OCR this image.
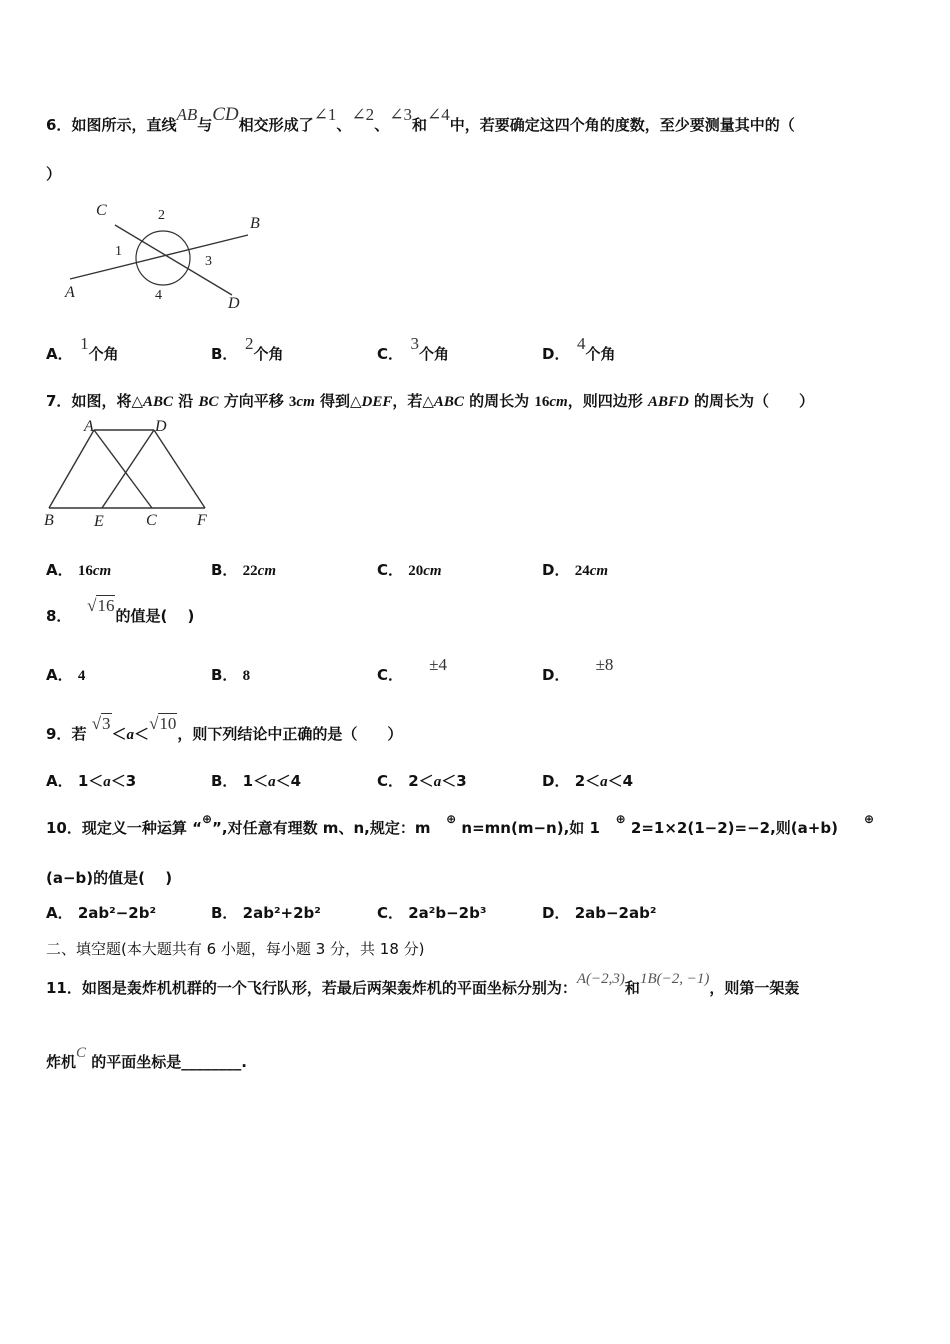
6．如图所示，直线AB与CD相交形成了∠1、∠2、∠3和∠4中，若要确定这四个角的度数，至少要测量其中的（
）
C	2	B
1
3
A	4	D
A．　1个角	B．　2个角	C．　3个角	D．　4个角
7．如图，将△ABC 沿 BC 方向平移 3cm 得到△DEF，若△ABC 的周长为 16cm，则四边形 ABFD 的周长为（　　）
A	D
B	E	C	F
A． 16cm	B． 22cm	C． 20cm	D． 24cm
8．   √16的值是(　 )
A． 4	B． 8	C．     ±4
D．     ±8
9．若 √3＜a＜√10，则下列结论中正确的是（　　）
A． 1＜a＜3	B． 1＜a＜4	C． 2＜a＜3	D． 2＜a＜4
10．现定义一种运算 “⊕”,对任意有理数 m、n,规定：m ⊕ n=mn(m−n),如 1 ⊕ 2=1×2(1−2)=−2,则(a+b) ⊕
(a−b)的值是(　 )
A． 2ab²−2b²	B． 2ab²+2b²	C． 2a²b−2b³	D． 2ab−2ab²
二、填空题(本大题共有 6 小题，每小题 3 分，共 18 分)
11．如图是轰炸机机群的一个飞行队形，若最后两架轰炸机的平面坐标分别为：A(−2,3)和1B(−2, −1)，则第一架轰
炸机C 的平面坐标是________.
